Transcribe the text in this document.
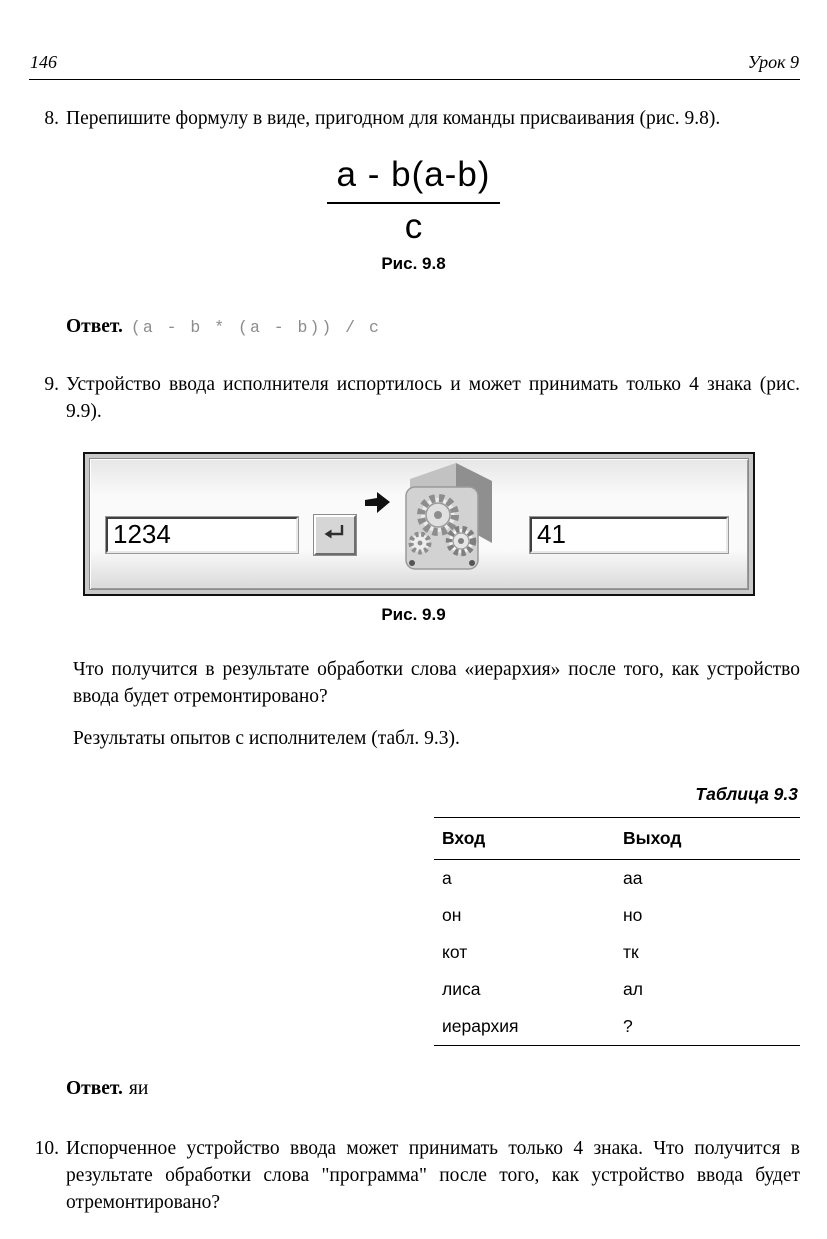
146	Урок 9
8. Перепишите формулу в виде, пригодном для команды присваивания (рис. 9.8).
$\frac{a - b(a-b)}{c}$
Рис. 9.8
Ответ. (a - b * (a - b)) / c
9. Устройство ввода исполнителя испортилось и может принимать только 4 знака (рис. 9.9).
1234
41
Рис. 9.9
Что получится в результате обработки слова «иерархия» после того, как устройство ввода будет отремонтировано?
Результаты опытов с исполнителем (табл. 9.3).
Таблица 9.3
Вход	Выход
а	аа
он	но
кот	тк
лиса	ал
иерархия	?
Ответ. яи
10. Испорченное устройство ввода может принимать только 4 знака. Что получится в результате обработки слова "программа" после того, как устройство ввода будет отремонтировано?
